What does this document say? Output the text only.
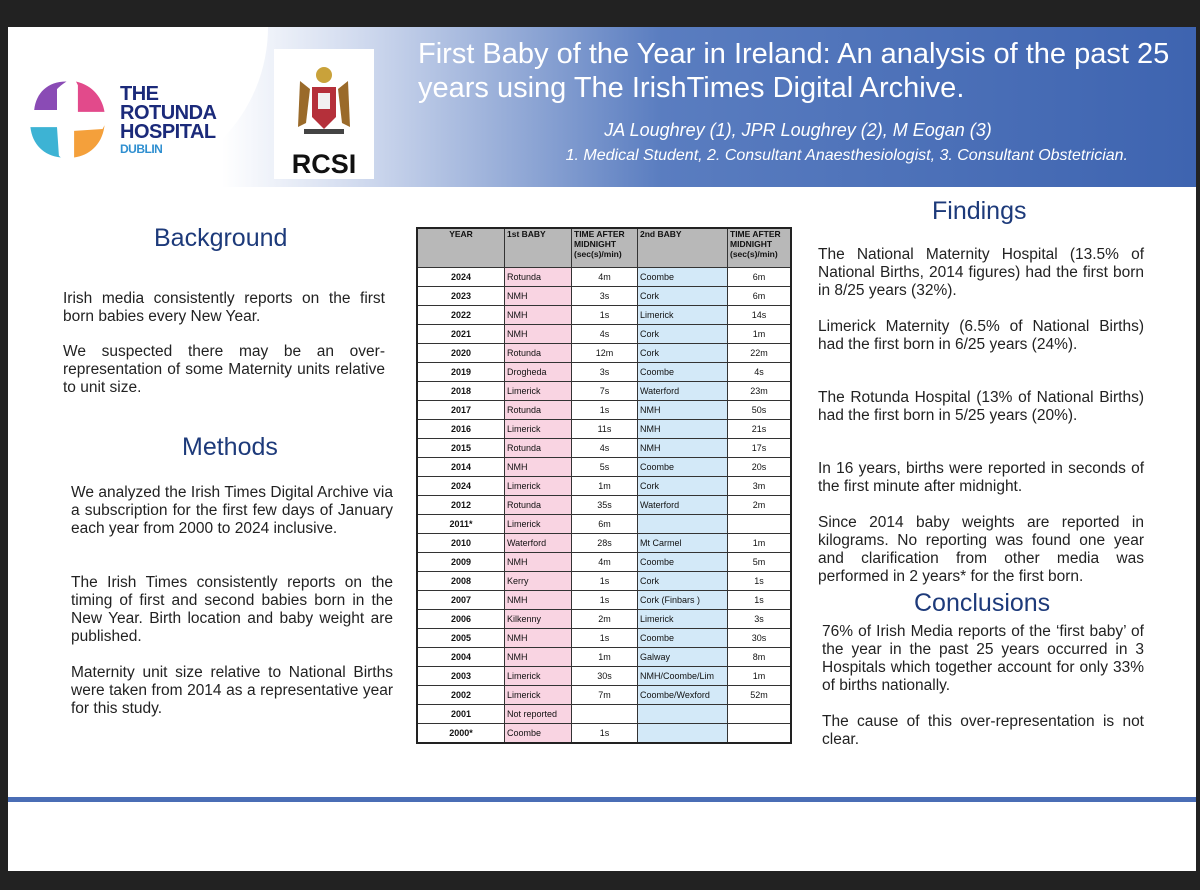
THE
ROTUNDA
HOSPITAL
DUBLIN	RCSI
First Baby of the Year in Ireland: An analysis of the past 25 years using The IrishTimes Digital Archive.
JA Loughrey (1), JPR Loughrey (2), M Eogan (3)
1. Medical Student, 2. Consultant Anaesthesiologist, 3. Consultant Obstetrician.
Background
Irish media consistently reports on the first born babies every New Year.
We suspected there may be an over-representation of some Maternity units relative to unit size.
Methods
We analyzed the Irish Times Digital Archive via a subscription for the first few days of January each year from 2000 to 2024 inclusive.
The Irish Times consistently reports on the timing of first and second babies born in the New Year. Birth location and baby weight are published.
Maternity unit size relative to National Births were taken from 2014 as a representative year for this study.
YEAR	1st BABY	TIME AFTER MIDNIGHT (sec(s)/min)	2nd BABY	TIME AFTER MIDNIGHT (sec(s)/min)
2024	Rotunda	4m	Coombe	6m
2023	NMH	3s	Cork	6m
2022	NMH	1s	Limerick	14s
2021	NMH	4s	Cork	1m
2020	Rotunda	12m	Cork	22m
2019	Drogheda	3s	Coombe	4s
2018	Limerick	7s	Waterford	23m
2017	Rotunda	1s	NMH	50s
2016	Limerick	11s	NMH	21s
2015	Rotunda	4s	NMH	17s
2014	NMH	5s	Coombe	20s
2024	Limerick	1m	Cork	3m
2012	Rotunda	35s	Waterford	2m
2011*	Limerick	6m		
2010	Waterford	28s	Mt Carmel	1m
2009	NMH	4m	Coombe	5m
2008	Kerry	1s	Cork	1s
2007	NMH	1s	Cork (Finbars )	1s
2006	Kilkenny	2m	Limerick	3s
2005	NMH	1s	Coombe	30s
2004	NMH	1m	Galway	8m
2003	Limerick	30s	NMH/Coombe/Lim	1m
2002	Limerick	7m	Coombe/Wexford	52m
2001	Not reported			
2000*	Coombe	1s		
Findings
The National Maternity Hospital (13.5% of National Births, 2014 figures) had the first born in 8/25 years (32%).
Limerick Maternity (6.5% of National Births) had the first born in 6/25 years (24%).
The Rotunda Hospital (13% of National Births) had the first born in 5/25 years (20%).
In 16 years, births were reported in seconds of the first minute after midnight.
Since 2014 baby weights are reported in kilograms. No reporting was found one year and clarification from other media was performed in 2 years* for the first born.
Conclusions
76% of Irish Media reports of the ‘first baby’ of the year in the past 25 years occurred in 3 Hospitals which together account for only 33% of births nationally.
The cause of this over-representation is not clear.
